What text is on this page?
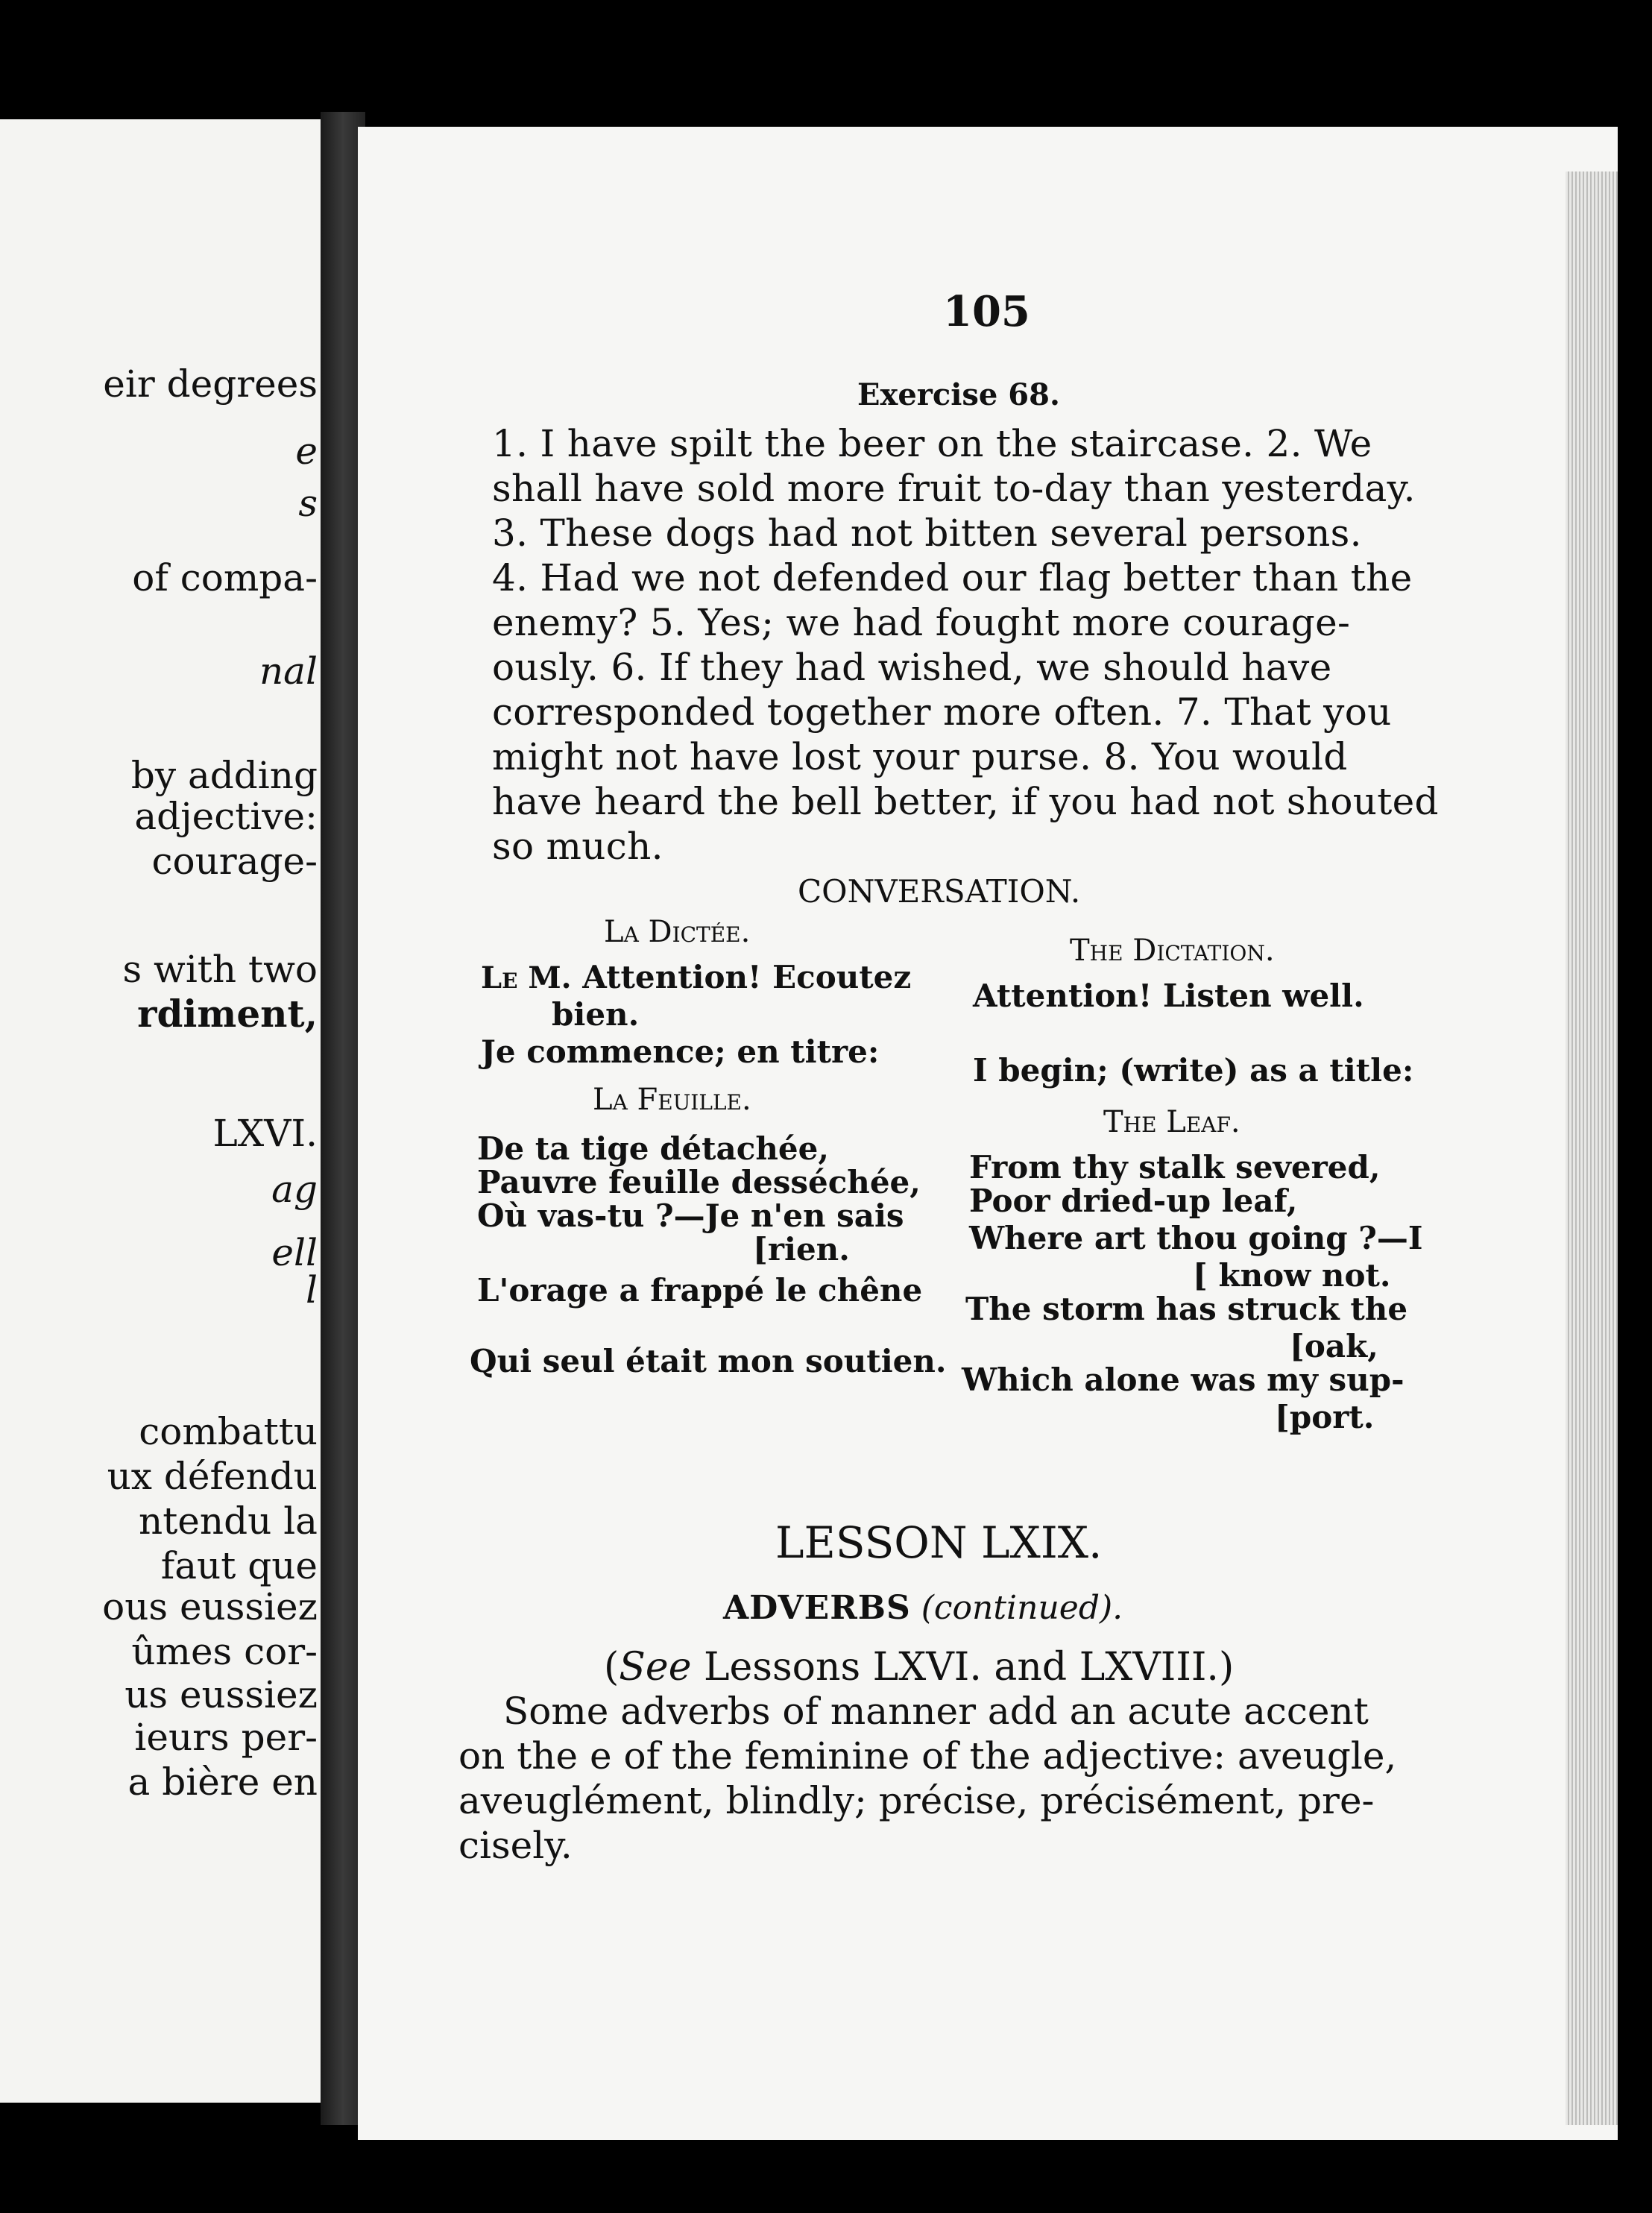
eir degrees
e
s
of compa-
nal
by adding
adjective:
courage-
s with two
rdiment,
LXVI.
ag
ell
l
combattu
ux défendu
ntendu la
faut que
ous eussiez
ûmes cor-
us eussiez
ieurs per-
a bière en
105
Exercise 68.
1. I have spilt the beer on the staircase. 2. We
shall have sold more fruit to-day than yesterday.
3. These dogs had not bitten several persons.
4. Had we not defended our flag better than the
enemy? 5. Yes; we had fought more courage-
ously. 6. If they had wished, we should have
corresponded together more often. 7. That you
might not have lost your purse. 8. You would
have heard the bell better, if you had not shouted
so much.
CONVERSATION.
La Dictée.
The Dictation.
Le M. Attention! Ecoutez
bien.
Attention! Listen well.
Je commence; en titre:
I begin; (write) as a title:
La Feuille.
The Leaf.
De ta tige détachée,
Pauvre feuille desséchée,
Où vas-tu ?—Je n'en sais
[rien.
L'orage a frappé le chêne
Qui seul était mon soutien.
From thy stalk severed,
Poor dried-up leaf,
Where art thou going ?—I
[ know not.
The storm has struck the
[oak,
Which alone was my sup-
[port.
LESSON LXIX.
ADVERBS (continued).
(See Lessons LXVI. and LXVIII.)
Some adverbs of manner add an acute accent
on the e of the feminine of the adjective: aveugle,
aveuglément, blindly; précise, précisément, pre-
cisely.
